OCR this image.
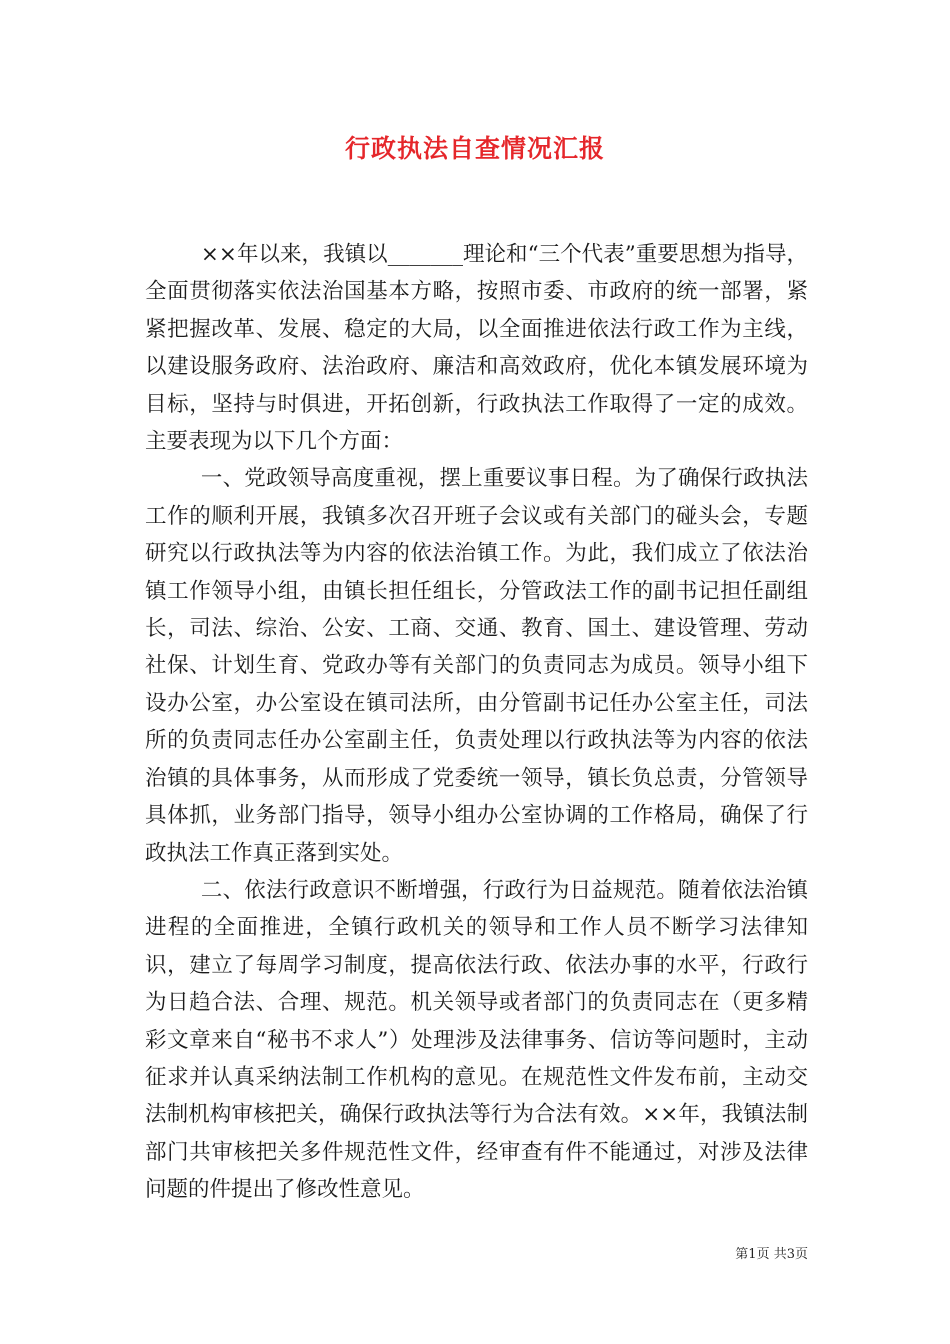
行政执法自查情况汇报

××年以来，我镇以_______理论和“三个代表”重要思想为指导，全面贯彻落实依法治国基本方略，按照市委、市政府的统一部署，紧紧把握改革、发展、稳定的大局，以全面推进依法行政工作为主线，以建设服务政府、法治政府、廉洁和高效政府，优化本镇发展环境为目标，坚持与时俱进，开拓创新，行政执法工作取得了一定的成效。主要表现为以下几个方面：

一、党政领导高度重视，摆上重要议事日程。为了确保行政执法工作的顺利开展，我镇多次召开班子会议或有关部门的碰头会，专题研究以行政执法等为内容的依法治镇工作。为此，我们成立了依法治镇工作领导小组，由镇长担任组长，分管政法工作的副书记担任副组长，司法、综治、公安、工商、交通、教育、国土、建设管理、劳动社保、计划生育、党政办等有关部门的负责同志为成员。领导小组下设办公室，办公室设在镇司法所，由分管副书记任办公室主任，司法所的负责同志任办公室副主任，负责处理以行政执法等为内容的依法治镇的具体事务，从而形成了党委统一领导，镇长负总责，分管领导具体抓，业务部门指导，领导小组办公室协调的工作格局，确保了行政执法工作真正落到实处。

二、依法行政意识不断增强，行政行为日益规范。随着依法治镇进程的全面推进，全镇行政机关的领导和工作人员不断学习法律知识，建立了每周学习制度，提高依法行政、依法办事的水平，行政行为日趋合法、合理、规范。机关领导或者部门的负责同志在（更多精彩文章来自“秘书不求人”）处理涉及法律事务、信访等问题时，主动征求并认真采纳法制工作机构的意见。在规范性文件发布前，主动交法制机构审核把关，确保行政执法等行为合法有效。××年，我镇法制部门共审核把关多件规范性文件，经审查有件不能通过，对涉及法律问题的件提出了修改性意见。

第1页 共3页
